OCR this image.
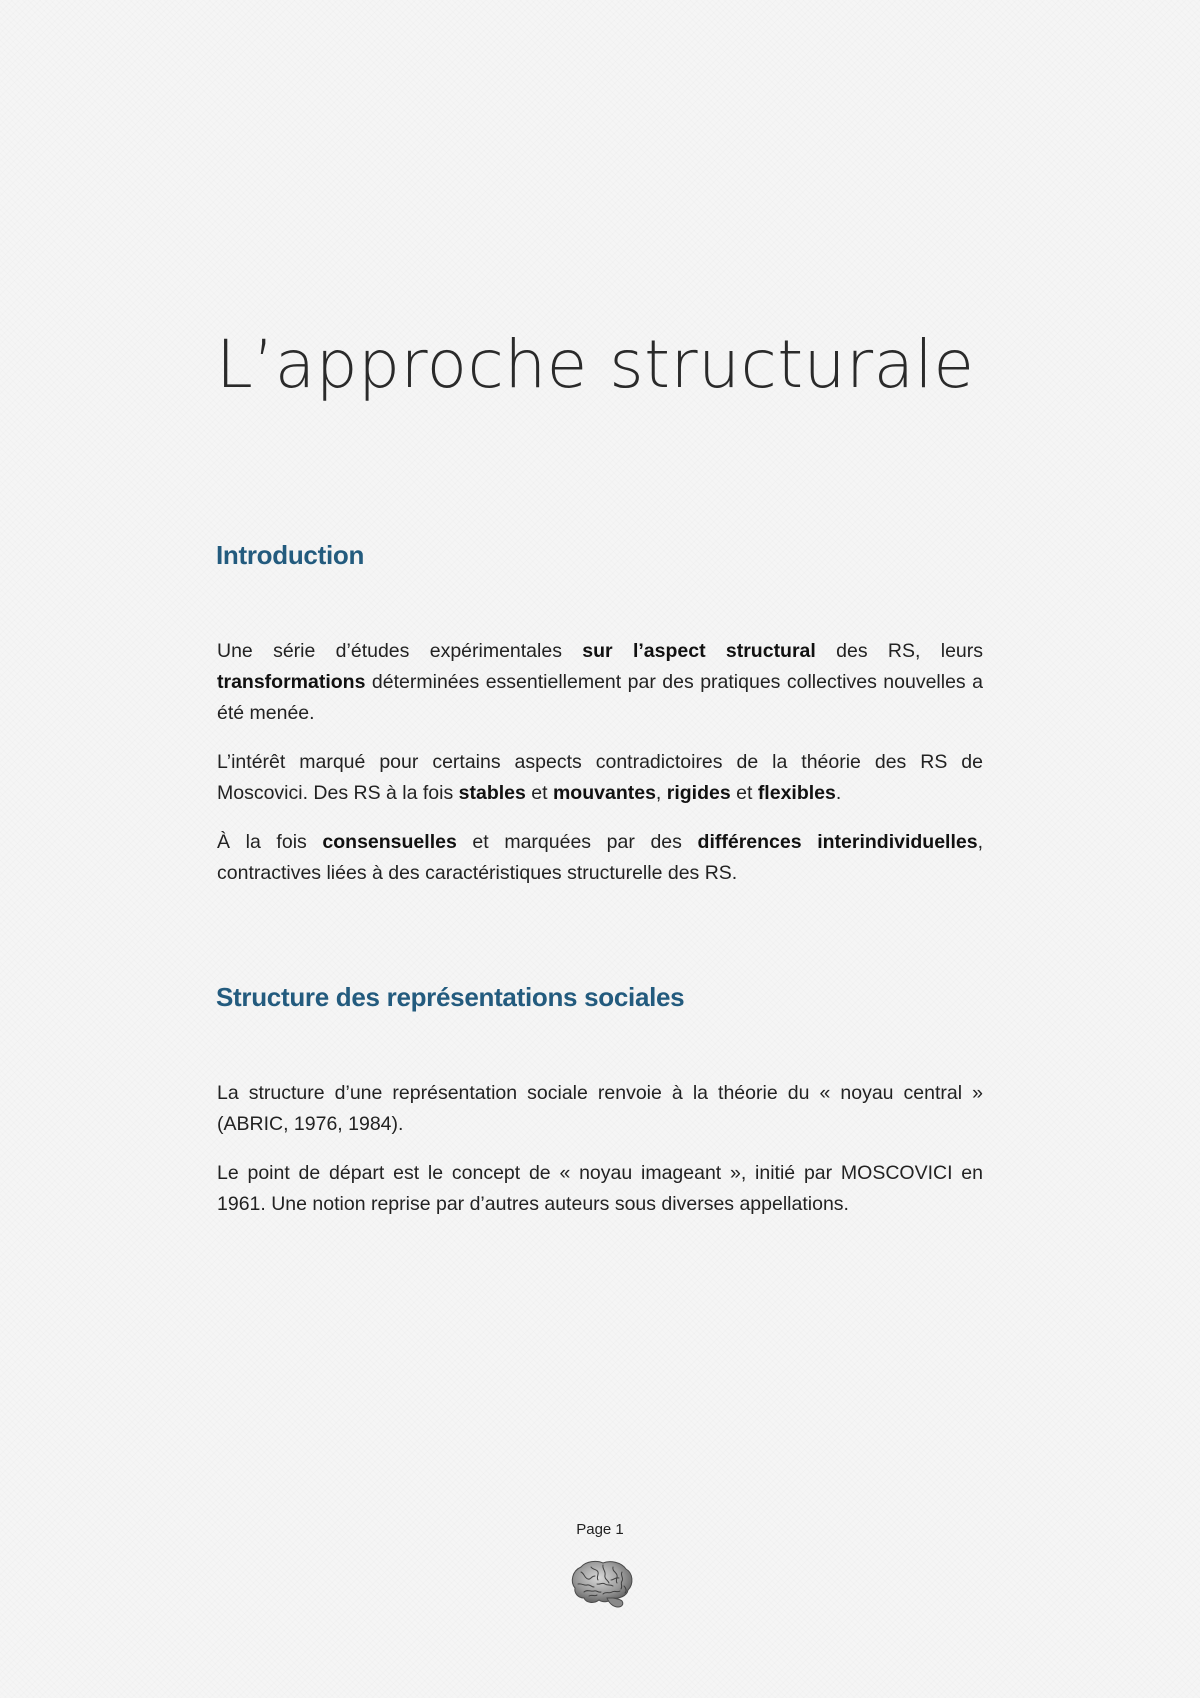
L’approche structurale
Introduction

Une série d’études expérimentales sur l’aspect structural des RS, leurs transformations déterminées essentiellement par des pratiques collectives nouvelles a été menée.

L’intérêt marqué pour certains aspects contradictoires de la théorie des RS de Moscovici. Des RS à la fois stables et mouvantes, rigides et flexibles.

À la fois consensuelles et marquées par des différences interindividuelles, contractives liées à des caractéristiques structurelle des RS.

Structure des représentations sociales

La structure d’une représentation sociale renvoie à la théorie du « noyau central » (ABRIC, 1976, 1984).

Le point de départ est le concept de « noyau imageant », initié par MOSCOVICI en 1961. Une notion reprise par d’autres auteurs sous diverses appellations.

Page 1
